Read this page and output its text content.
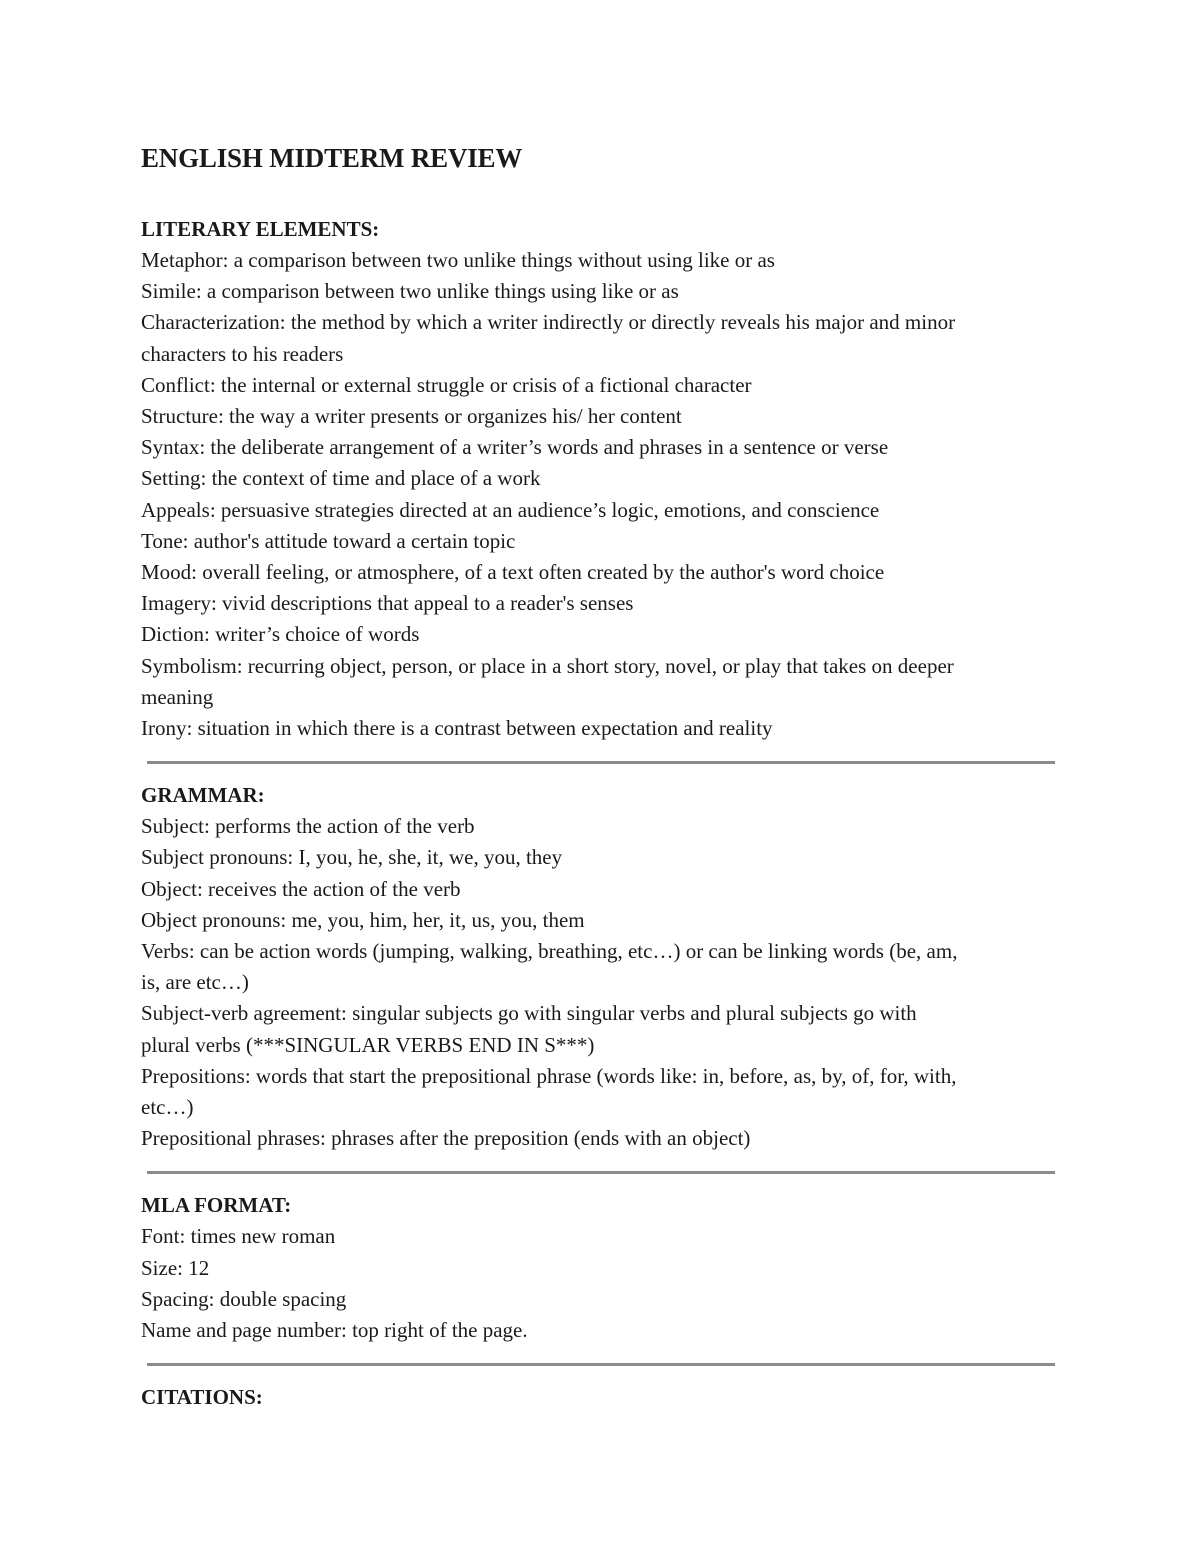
ENGLISH MIDTERM REVIEW
LITERARY ELEMENTS:
Metaphor: a comparison between two unlike things without using like or as
Simile: a comparison between two unlike things using like or as
Characterization: the method by which a writer indirectly or directly reveals his major and minor
characters to his readers
Conflict: the internal or external struggle or crisis of a fictional character
Structure: the way a writer presents or organizes his/ her content
Syntax: the deliberate arrangement of a writer’s words and phrases in a sentence or verse
Setting: the context of time and place of a work
Appeals: persuasive strategies directed at an audience’s logic, emotions, and conscience
Tone: author's attitude toward a certain topic
Mood: overall feeling, or atmosphere, of a text often created by the author's word choice
Imagery: vivid descriptions that appeal to a reader's senses
Diction: writer’s choice of words
Symbolism: recurring object, person, or place in a short story, novel, or play that takes on deeper
meaning
Irony: situation in which there is a contrast between expectation and reality
GRAMMAR:
Subject: performs the action of the verb
Subject pronouns: I, you, he, she, it, we, you, they
Object: receives the action of the verb
Object pronouns: me, you, him, her, it, us, you, them
Verbs: can be action words (jumping, walking, breathing, etc…) or can be linking words (be, am,
is, are etc…)
Subject-verb agreement: singular subjects go with singular verbs and plural subjects go with
plural verbs (***SINGULAR VERBS END IN S***)
Prepositions: words that start the prepositional phrase (words like: in, before, as, by, of, for, with,
etc…)
Prepositional phrases: phrases after the preposition (ends with an object)
MLA FORMAT:
Font: times new roman
Size: 12
Spacing: double spacing
Name and page number: top right of the page.
CITATIONS:
